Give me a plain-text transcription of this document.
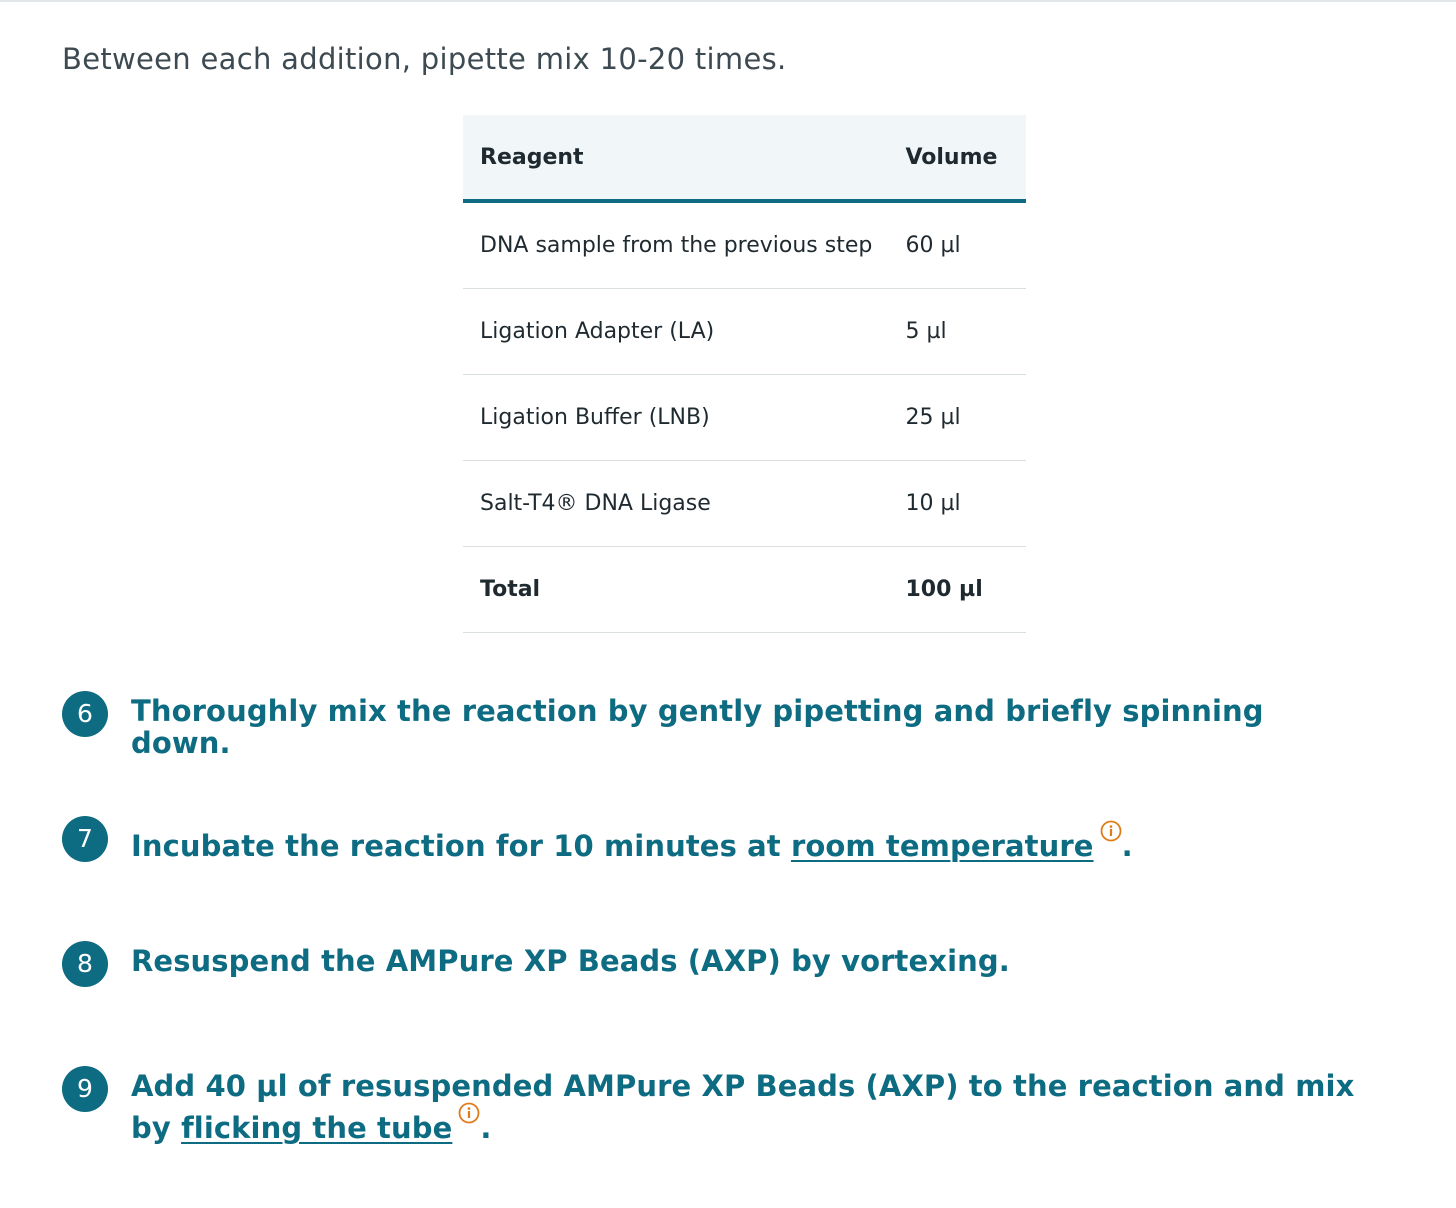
Between each addition, pipette mix 10-20 times.
Reagent	Volume
DNA sample from the previous step	60 µl
Ligation Adapter (LA)	5 µl
Ligation Buffer (LNB)	25 µl
Salt-T4® DNA Ligase	10 µl
Total	100 µl
6	Thoroughly mix the reaction by gently pipetting and briefly spinning down.
7	Incubate the reaction for 10 minutes at room temperature .
8	Resuspend the AMPure XP Beads (AXP) by vortexing.
9	Add 40 µl of resuspended AMPure XP Beads (AXP) to the reaction and mix by flicking the tube .
